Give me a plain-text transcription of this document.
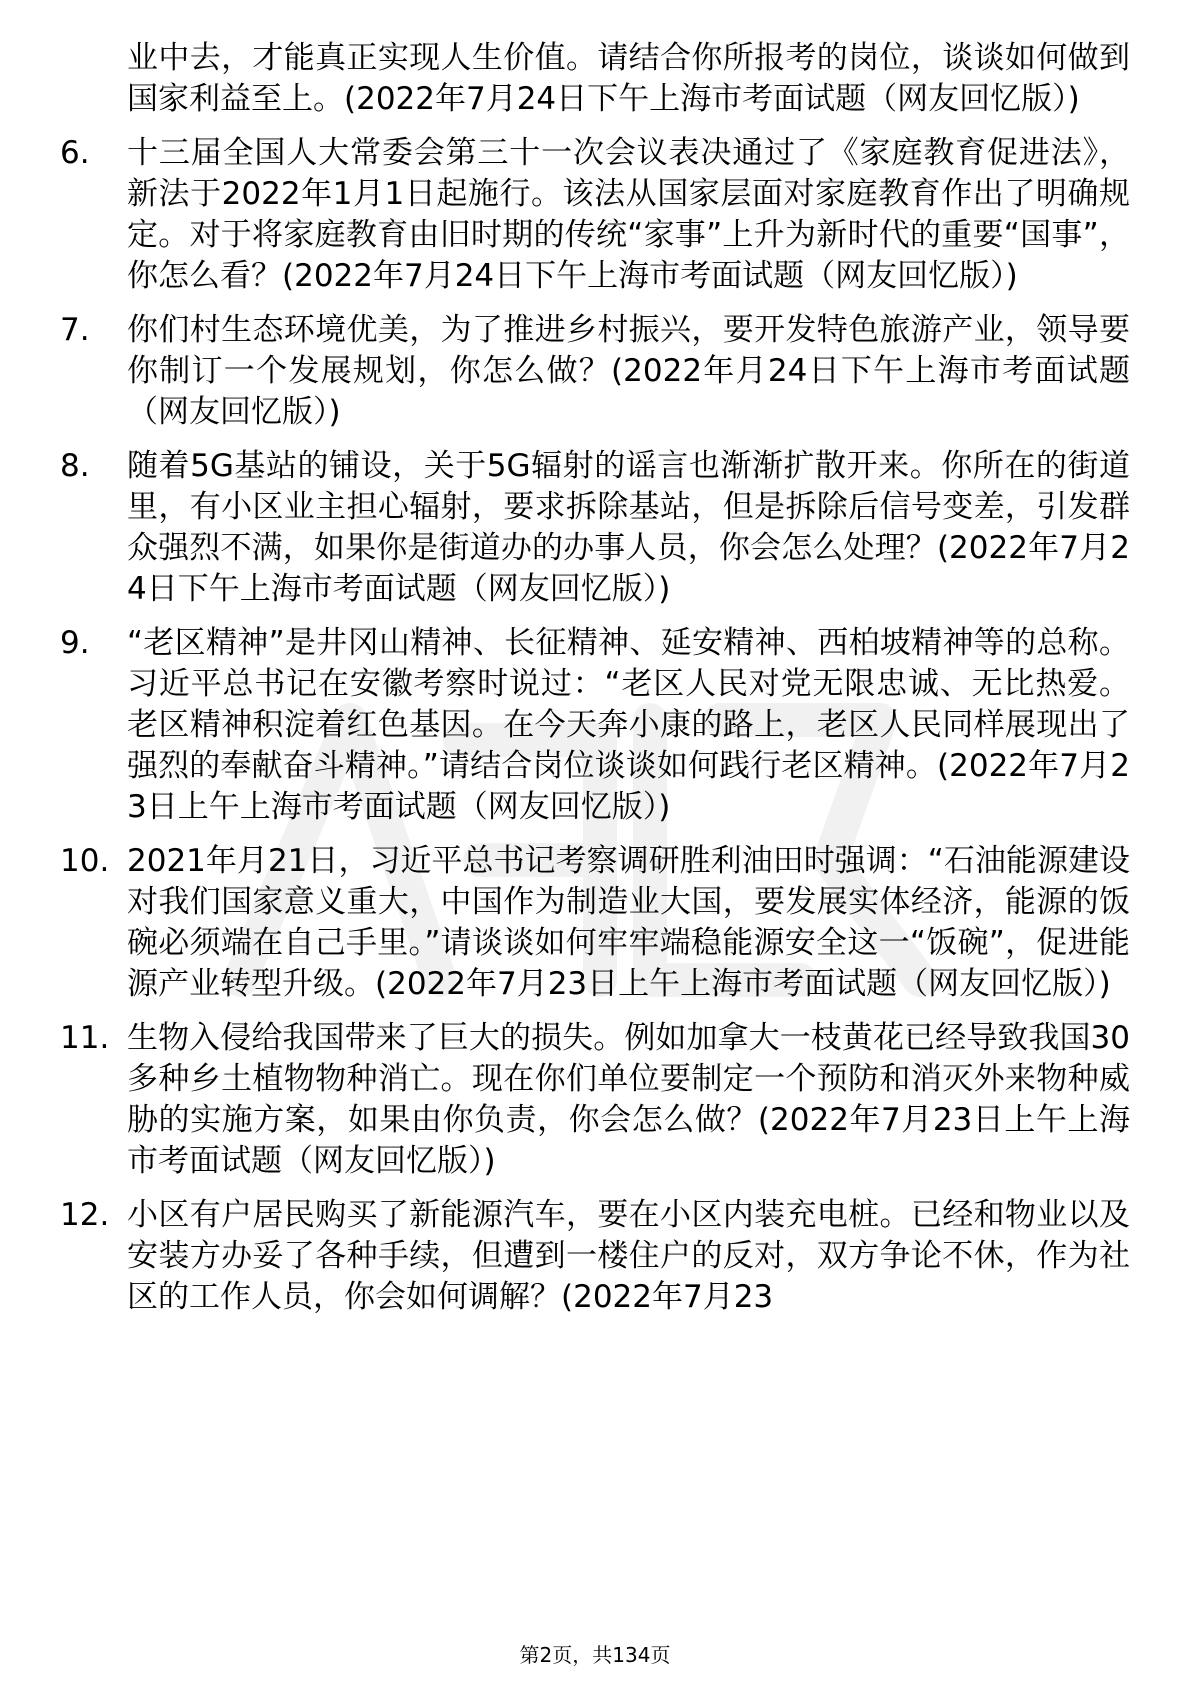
业中去，才能真正实现人生价值。请结合你所报考的岗位，谈谈如何做到国家利益至上。(2022年7月24日下午上海市考面试题（网友回忆版）)
6.	十三届全国人大常委会第三十一次会议表决通过了《家庭教育促进法》，新法于2022年1月1日起施行。该法从国家层面对家庭教育作出了明确规定。对于将家庭教育由旧时期的传统“家事”上升为新时代的重要“国事”，你怎么看？(2022年7月24日下午上海市考面试题（网友回忆版）)
7.	你们村生态环境优美，为了推进乡村振兴，要开发特色旅游产业，领导要你制订一个发展规划，你怎么做？(2022年月24日下午上海市考面试题（网友回忆版）)
8.	随着5G基站的铺设，关于5G辐射的谣言也渐渐扩散开来。你所在的街道里，有小区业主担心辐射，要求拆除基站，但是拆除后信号变差，引发群众强烈不满，如果你是街道办的办事人员，你会怎么处理？(2022年7月24日下午上海市考面试题（网友回忆版）)
9.	“老区精神”是井冈山精神、长征精神、延安精神、西柏坡精神等的总称。习近平总书记在安徽考察时说过：“老区人民对党无限忠诚、无比热爱。老区精神积淀着红色基因。在今天奔小康的路上，老区人民同样展现出了强烈的奉献奋斗精神。”请结合岗位谈谈如何践行老区精神。(2022年7月23日上午上海市考面试题（网友回忆版）)
10. 2021年月21日，习近平总书记考察调研胜利油田时强调：“石油能源建设对我们国家意义重大，中国作为制造业大国，要发展实体经济，能源的饭碗必须端在自己手里。”请谈谈如何牢牢端稳能源安全这一“饭碗”，促进能源产业转型升级。(2022年7月23日上午上海市考面试题（网友回忆版）)
11. 生物入侵给我国带来了巨大的损失。例如加拿大一枝黄花已经导致我国30多种乡土植物物种消亡。现在你们单位要制定一个预防和消灭外来物种威胁的实施方案，如果由你负责，你会怎么做？(2022年7月23日上午上海市考面试题（网友回忆版）)
12. 小区有户居民购买了新能源汽车，要在小区内装充电桩。已经和物业以及安装方办妥了各种手续，但遭到一楼住户的反对，双方争论不休，作为社区的工作人员，你会如何调解？(2022年7月23
第2页，共134页
